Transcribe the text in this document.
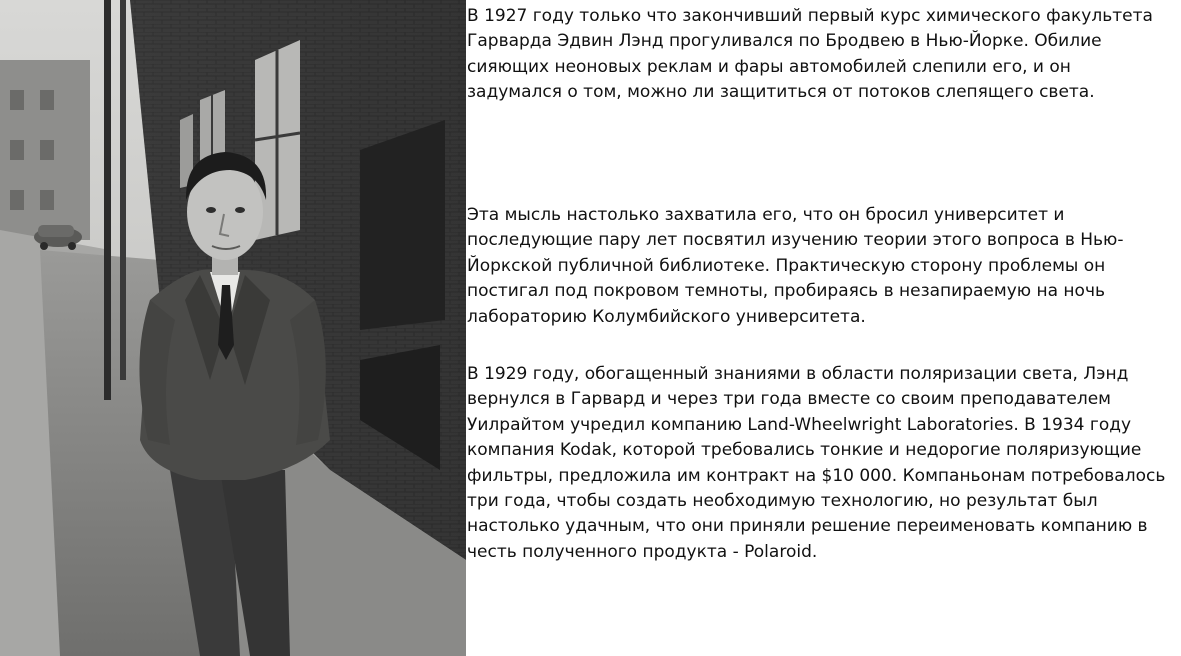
В 1927 году только что закончивший первый курс химического факультета
Гарварда Эдвин Лэнд прогуливался по Бродвею в Нью-Йорке. Обилие
сияющих неоновых реклам и фары автомобилей слепили его, и он
задумался о том, можно ли защититься от потоков слепящего света.

Эта мысль настолько захватила его, что он бросил университет и
последующие пару лет посвятил изучению теории этого вопроса в Нью-
Йоркской публичной библиотеке. Практическую сторону проблемы он
постигал под покровом темноты, пробираясь в незапираемую на ночь
лабораторию Колумбийского университета.

В 1929 году, обогащенный знаниями в области поляризации света, Лэнд
вернулся в Гарвард и через три года вместе со своим преподавателем
Уилрайтом учредил компанию Land-Wheelwright Laboratories. В 1934 году
компания Kodak, которой требовались тонкие и недорогие поляризующие
фильтры, предложила им контракт на $10 000. Компаньонам потребовалось
три года, чтобы создать необходимую технологию, но результат был
настолько удачным, что они приняли решение переименовать компанию в
честь полученного продукта - Polaroid.
